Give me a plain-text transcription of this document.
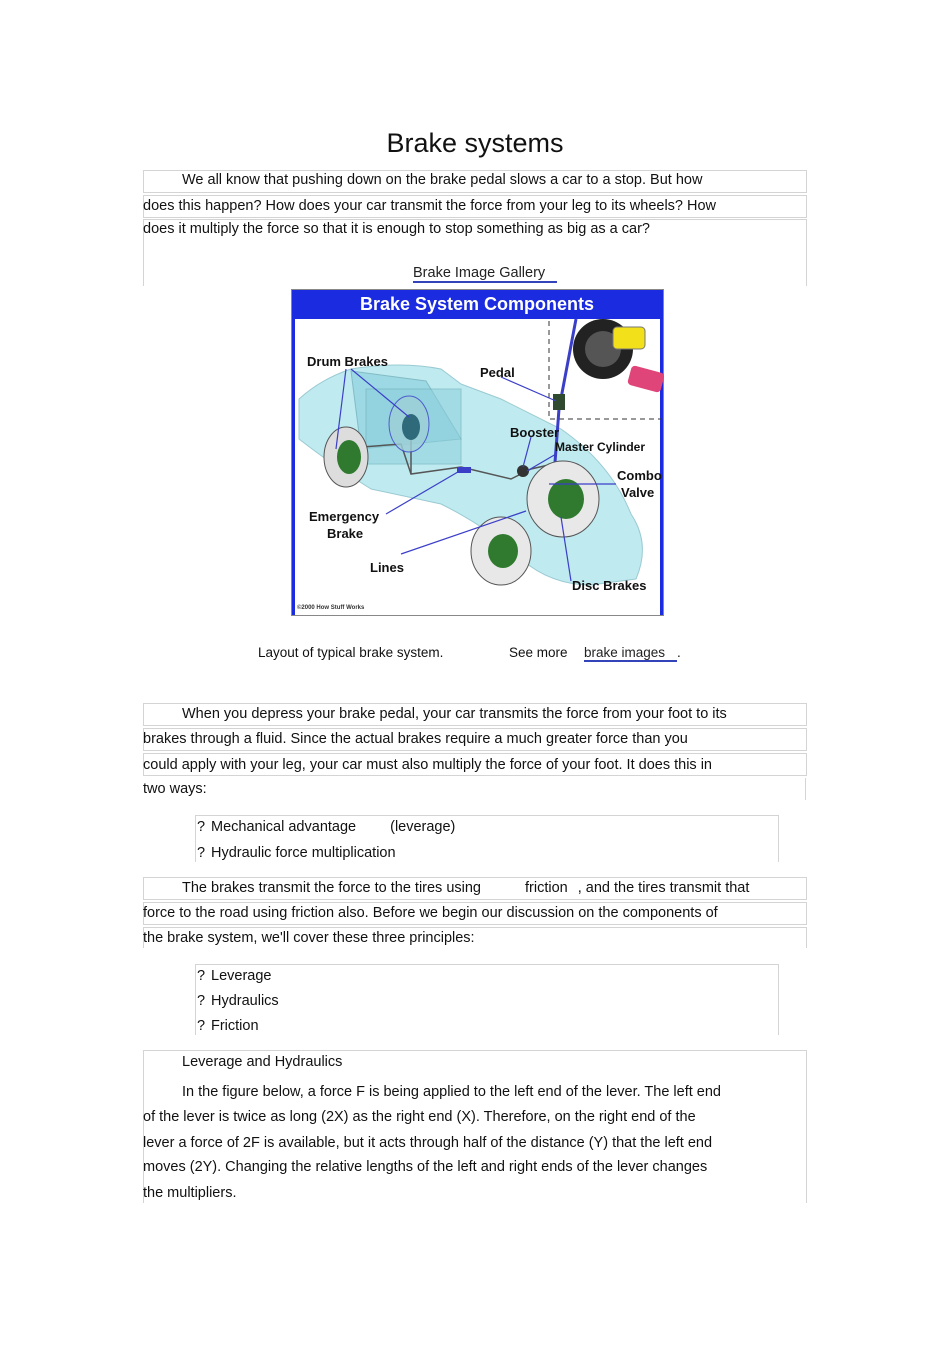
Brake systems
We all know that pushing down on the brake pedal slows a car to a stop. But how
does this happen? How does your car transmit the force from your leg to its wheels? How
does it multiply the force so that it is enough to stop something as big as a car?
Brake Image Gallery
Brake System Components
Drum Brakes
Pedal
Booster
Master Cylinder
Combo
Valve
Emergency
Brake
Lines
Disc Brakes
©2000 How Stuff Works
Layout of typical brake system.	See more brake images .
When you depress your brake pedal, your car transmits the force from your foot to its
brakes through a fluid. Since the actual brakes require a much greater force than you
could apply with your leg, your car must also multiply the force of your foot. It does this in
two ways:
? Mechanical advantage (leverage)
? Hydraulic force multiplication
The brakes transmit the force to the tires using	friction , and the tires transmit that
force to the road using friction also. Before we begin our discussion on the components of
the brake system, we'll cover these three principles:
? Leverage
? Hydraulics
? Friction
Leverage and Hydraulics
In the figure below, a force F is being applied to the left end of the lever. The left end
of the lever is twice as long (2X) as the right end (X). Therefore, on the right end of the
lever a force of 2F is available, but it acts through half of the distance (Y) that the left end
moves (2Y). Changing the relative lengths of the left and right ends of the lever changes
the multipliers.
